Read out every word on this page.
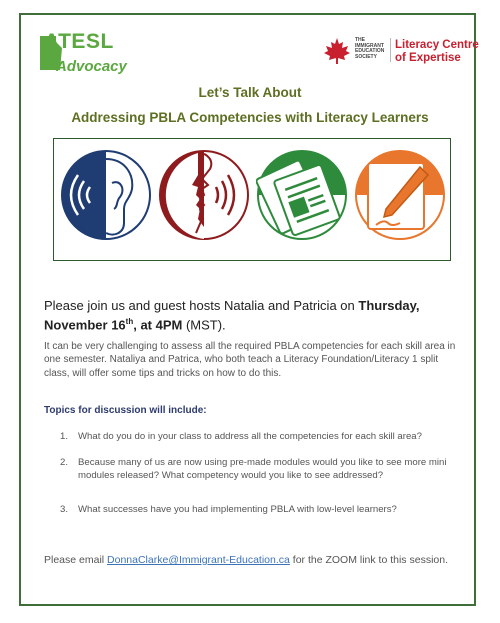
ATESL
Advocacy
THE
IMMIGRANT
EDUCATION
SOCIETY
Literacy Centre
of Expertise
Let’s Talk About
Addressing PBLA Competencies with Literacy Learners
Please join us and guest hosts Natalia and Patricia on Thursday, November 16th, at 4PM (MST).
It can be very challenging to assess all the required PBLA competencies for each skill area in one semester. Nataliya and Patrica, who both teach a Literacy Foundation/Literacy 1 split class, will offer some tips and tricks on how to do this.
Topics for discussion will include:
1. What do you do in your class to address all the competencies for each skill area?
2. Because many of us are now using pre-made modules would you like to see more mini modules released? What competency would you like to see addressed?
3. What successes have you had implementing PBLA with low-level learners?
Please email DonnaClarke@Immigrant-Education.ca for the ZOOM link to this session.
